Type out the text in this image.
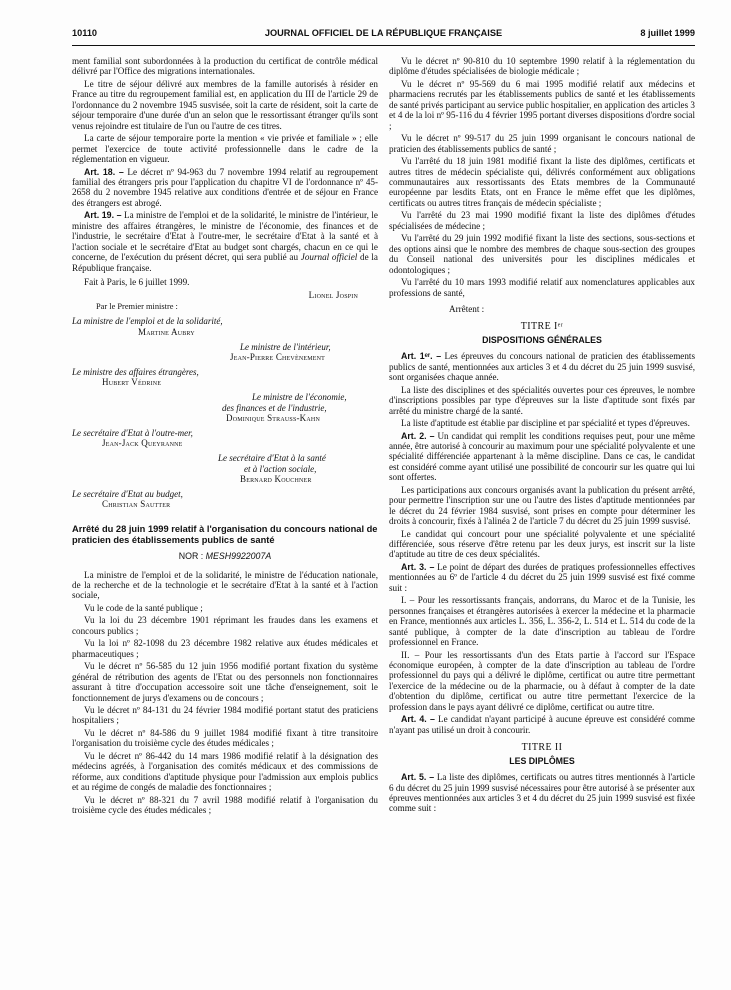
10110	JOURNAL OFFICIEL DE LA RÉPUBLIQUE FRANÇAISE	8 juillet 1999

ment familial sont subordonnées à la production du certificat de contrôle médical délivré par l'Office des migrations internationales.

Le titre de séjour délivré aux membres de la famille autorisés à résider en France au titre du regroupement familial est, en application du III de l'article 29 de l'ordonnance du 2 novembre 1945 susvisée, soit la carte de résident, soit la carte de séjour temporaire d'une durée d'un an selon que le ressortissant étranger qu'ils sont venus rejoindre est titulaire de l'un ou l'autre de ces titres.

La carte de séjour temporaire porte la mention « vie privée et familiale » ; elle permet l'exercice de toute activité professionnelle dans le cadre de la réglementation en vigueur.

Art. 18. – Le décret nº 94-963 du 7 novembre 1994 relatif au regroupement familial des étrangers pris pour l'application du chapitre VI de l'ordonnance nº 45-2658 du 2 novembre 1945 relative aux conditions d'entrée et de séjour en France des étrangers est abrogé.

Art. 19. – La ministre de l'emploi et de la solidarité, le ministre de l'intérieur, le ministre des affaires étrangères, le ministre de l'économie, des finances et de l'industrie, le secrétaire d'Etat à l'outre-mer, le secrétaire d'Etat à la santé et à l'action sociale et le secrétaire d'Etat au budget sont chargés, chacun en ce qui le concerne, de l'exécution du présent décret, qui sera publié au Journal officiel de la République française.

Fait à Paris, le 6 juillet 1999.

Lionel Jospin
Par le Premier ministre :
La ministre de l'emploi et de la solidarité,
Martine Aubry
Le ministre de l'intérieur,
Jean-Pierre Chevènement
Le ministre des affaires étrangères,
Hubert Védrine
Le ministre de l'économie,
des finances et de l'industrie,
Dominique Strauss-Kahn
Le secrétaire d'Etat à l'outre-mer,
Jean-Jack Queyranne
Le secrétaire d'Etat à la santé
et à l'action sociale,
Bernard Kouchner
Le secrétaire d'Etat au budget,
Christian Sautter
Arrêté du 28 juin 1999 relatif à l'organisation du concours national de praticien des établissements publics de santé
NOR : MESH9922007A

La ministre de l'emploi et de la solidarité, le ministre de l'éducation nationale, de la recherche et de la technologie et le secrétaire d'Etat à la santé et à l'action sociale,

Vu le code de la santé publique ;

Vu la loi du 23 décembre 1901 réprimant les fraudes dans les examens et concours publics ;

Vu la loi nº 82-1098 du 23 décembre 1982 relative aux études médicales et pharmaceutiques ;

Vu le décret nº 56-585 du 12 juin 1956 modifié portant fixation du système général de rétribution des agents de l'Etat ou des personnels non fonctionnaires assurant à titre d'occupation accessoire soit une tâche d'enseignement, soit le fonctionnement de jurys d'examens ou de concours ;

Vu le décret nº 84-131 du 24 février 1984 modifié portant statut des praticiens hospitaliers ;

Vu le décret nº 84-586 du 9 juillet 1984 modifié fixant à titre transitoire l'organisation du troisième cycle des études médicales ;

Vu le décret nº 86-442 du 14 mars 1986 modifié relatif à la désignation des médecins agréés, à l'organisation des comités médicaux et des commissions de réforme, aux conditions d'aptitude physique pour l'admission aux emplois publics et au régime de congés de maladie des fonctionnaires ;

Vu le décret nº 88-321 du 7 avril 1988 modifié relatif à l'organisation du troisième cycle des études médicales ;

Vu le décret nº 90-810 du 10 septembre 1990 relatif à la réglementation du diplôme d'études spécialisées de biologie médicale ;

Vu le décret nº 95-569 du 6 mai 1995 modifié relatif aux médecins et pharmaciens recrutés par les établissements publics de santé et les établissements de santé privés participant au service public hospitalier, en application des articles 3 et 4 de la loi nº 95-116 du 4 février 1995 portant diverses dispositions d'ordre social ;

Vu le décret nº 99-517 du 25 juin 1999 organisant le concours national de praticien des établissements publics de santé ;

Vu l'arrêté du 18 juin 1981 modifié fixant la liste des diplômes, certificats et autres titres de médecin spécialiste qui, délivrés conformément aux obligations communautaires aux ressortissants des Etats membres de la Communauté européenne par lesdits Etats, ont en France le même effet que les diplômes, certificats ou autres titres français de médecin spécialiste ;

Vu l'arrêté du 23 mai 1990 modifié fixant la liste des diplômes d'études spécialisées de médecine ;

Vu l'arrêté du 29 juin 1992 modifié fixant la liste des sections, sous-sections et des options ainsi que le nombre des membres de chaque sous-section des groupes du Conseil national des universités pour les disciplines médicales et odontologiques ;

Vu l'arrêté du 10 mars 1993 modifié relatif aux nomenclatures applicables aux professions de santé,

Arrêtent :

TITRE Iᵉʳ
DISPOSITIONS GÉNÉRALES

Art. 1ᵉʳ. – Les épreuves du concours national de praticien des établissements publics de santé, mentionnées aux articles 3 et 4 du décret du 25 juin 1999 susvisé, sont organisées chaque année.

La liste des disciplines et des spécialités ouvertes pour ces épreuves, le nombre d'inscriptions possibles par type d'épreuves sur la liste d'aptitude sont fixés par arrêté du ministre chargé de la santé.

La liste d'aptitude est établie par discipline et par spécialité et types d'épreuves.

Art. 2. – Un candidat qui remplit les conditions requises peut, pour une même année, être autorisé à concourir au maximum pour une spécialité polyvalente et une spécialité différenciée appartenant à la même discipline. Dans ce cas, le candidat est considéré comme ayant utilisé une possibilité de concourir sur les quatre qui lui sont offertes.

Les participations aux concours organisés avant la publication du présent arrêté, pour permettre l'inscription sur une ou l'autre des listes d'aptitude mentionnées par le décret du 24 février 1984 susvisé, sont prises en compte pour déterminer les droits à concourir, fixés à l'alinéa 2 de l'article 7 du décret du 25 juin 1999 susvisé.

Le candidat qui concourt pour une spécialité polyvalente et une spécialité différenciée, sous réserve d'être retenu par les deux jurys, est inscrit sur la liste d'aptitude au titre de ces deux spécialités.

Art. 3. – Le point de départ des durées de pratiques professionnelles effectives mentionnées au 6º de l'article 4 du décret du 25 juin 1999 susvisé est fixé comme suit :

I. – Pour les ressortissants français, andorrans, du Maroc et de la Tunisie, les personnes françaises et étrangères autorisées à exercer la médecine et la pharmacie en France, mentionnés aux articles L. 356, L. 356-2, L. 514 et L. 514 du code de la santé publique, à compter de la date d'inscription au tableau de l'ordre professionnel en France.

II. – Pour les ressortissants d'un des Etats partie à l'accord sur l'Espace économique européen, à compter de la date d'inscription au tableau de l'ordre professionnel du pays qui a délivré le diplôme, certificat ou autre titre permettant l'exercice de la médecine ou de la pharmacie, ou à défaut à compter de la date d'obtention du diplôme, certificat ou autre titre permettant l'exercice de la profession dans le pays ayant délivré ce diplôme, certificat ou autre titre.

Art. 4. – Le candidat n'ayant participé à aucune épreuve est considéré comme n'ayant pas utilisé un droit à concourir.

TITRE II
LES DIPLÔMES

Art. 5. – La liste des diplômes, certificats ou autres titres mentionnés à l'article 6 du décret du 25 juin 1999 susvisé nécessaires pour être autorisé à se présenter aux épreuves mentionnées aux articles 3 et 4 du décret du 25 juin 1999 susvisé est fixée comme suit :
